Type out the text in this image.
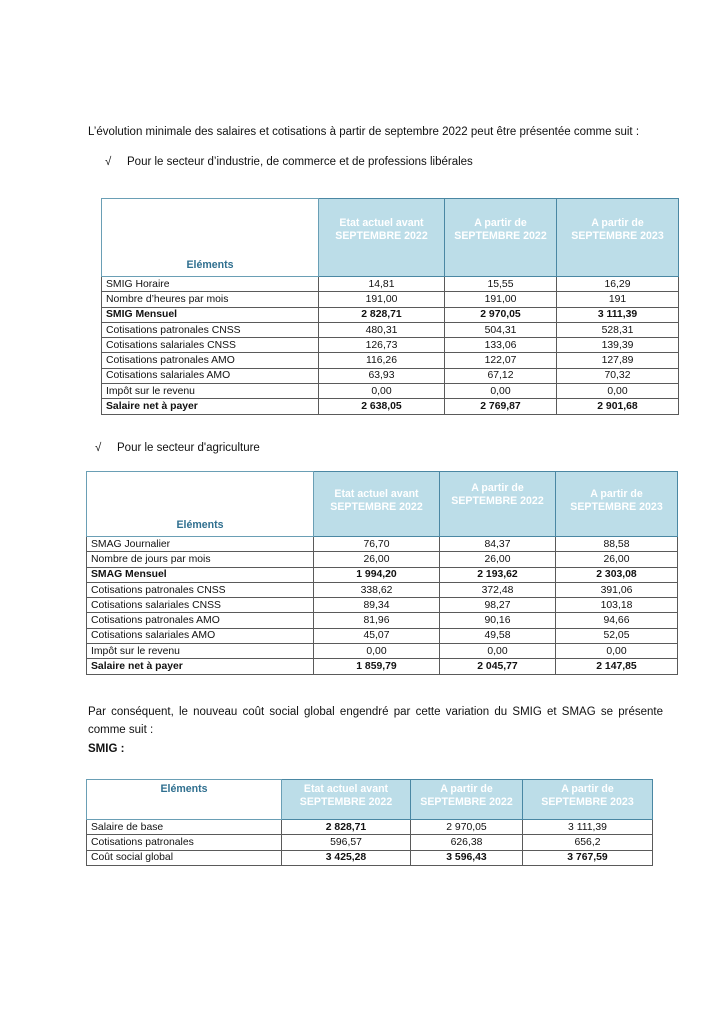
L’évolution minimale des salaires et cotisations à partir de septembre 2022 peut être présentée comme suit :
√ Pour le secteur d’industrie, de commerce et de professions libérales
Eléments	Etat actuel avant SEPTEMBRE 2022	A partir de SEPTEMBRE 2022	A partir de SEPTEMBRE 2023
SMIG Horaire	14,81	15,55	16,29
Nombre d’heures par mois	191,00	191,00	191
SMIG Mensuel	2 828,71	2 970,05	3 111,39
Cotisations patronales CNSS	480,31	504,31	528,31
Cotisations salariales CNSS	126,73	133,06	139,39
Cotisations patronales AMO	116,26	122,07	127,89
Cotisations salariales AMO	63,93	67,12	70,32
Impôt sur le revenu	0,00	0,00	0,00
Salaire net à payer	2 638,05	2 769,87	2 901,68
√ Pour le secteur d'agriculture
Eléments	Etat actuel avant SEPTEMBRE 2022	A partir de SEPTEMBRE 2022	A partir de SEPTEMBRE 2023
SMAG Journalier	76,70	84,37	88,58
Nombre de jours par mois	26,00	26,00	26,00
SMAG Mensuel	1 994,20	2 193,62	2 303,08
Cotisations patronales CNSS	338,62	372,48	391,06
Cotisations salariales CNSS	89,34	98,27	103,18
Cotisations patronales AMO	81,96	90,16	94,66
Cotisations salariales AMO	45,07	49,58	52,05
Impôt sur le revenu	0,00	0,00	0,00
Salaire net à payer	1 859,79	2 045,77	2 147,85
Par conséquent, le nouveau coût social global engendré par cette variation du SMIG et SMAG se présente comme suit :
SMIG :
Eléments	Etat actuel avant SEPTEMBRE 2022	A partir de SEPTEMBRE 2022	A partir de SEPTEMBRE 2023
Salaire de base	2 828,71	2 970,05	3 111,39
Cotisations patronales	596,57	626,38	656,2
Coût social global	3 425,28	3 596,43	3 767,59
